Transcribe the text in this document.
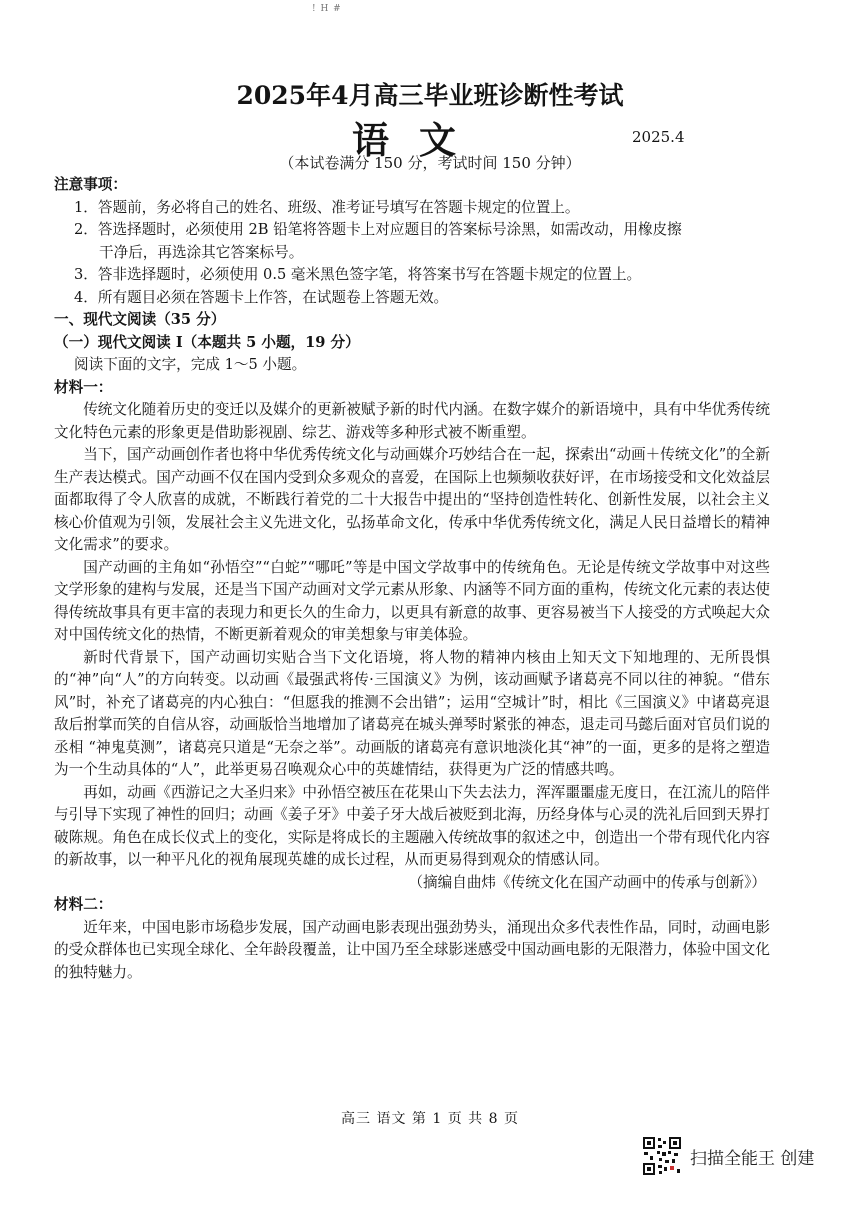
! H #
2025年4月高三毕业班诊断性考试
语文	2025.4
（本试卷满分 150 分，考试时间 150 分钟）

注意事项：

1．答题前，务必将自己的姓名、班级、准考证号填写在答题卡规定的位置上。

2．答选择题时，必须使用 2B 铅笔将答题卡上对应题目的答案标号涂黑，如需改动，用橡皮擦

干净后，再选涂其它答案标号。

3．答非选择题时，必须使用 0.5 毫米黑色签字笔，将答案书写在答题卡规定的位置上。

4．所有题目必须在答题卡上作答，在试题卷上答题无效。

一、现代文阅读（35 分）

（一）现代文阅读 I（本题共 5 小题，19 分）

阅读下面的文字，完成 1～5 小题。

材料一：

传统文化随着历史的变迁以及媒介的更新被赋予新的时代内涵。在数字媒介的新语境中，具有中华优秀传统文化特色元素的形象更是借助影视剧、综艺、游戏等多种形式被不断重塑。

当下，国产动画创作者也将中华优秀传统文化与动画媒介巧妙结合在一起，探索出“动画＋传统文化”的全新生产表达模式。国产动画不仅在国内受到众多观众的喜爱，在国际上也频频收获好评，在市场接受和文化效益层面都取得了令人欣喜的成就，不断践行着党的二十大报告中提出的“坚持创造性转化、创新性发展，以社会主义核心价值观为引领，发展社会主义先进文化，弘扬革命文化，传承中华优秀传统文化，满足人民日益增长的精神文化需求”的要求。

国产动画的主角如“孙悟空”“白蛇”“哪吒”等是中国文学故事中的传统角色。无论是传统文学故事中对这些文学形象的建构与发展，还是当下国产动画对文学元素从形象、内涵等不同方面的重构，传统文化元素的表达使得传统故事具有更丰富的表现力和更长久的生命力，以更具有新意的故事、更容易被当下人接受的方式唤起大众对中国传统文化的热情，不断更新着观众的审美想象与审美体验。

新时代背景下，国产动画切实贴合当下文化语境，将人物的精神内核由上知天文下知地理的、无所畏惧的“神”向“人”的方向转变。以动画《最强武将传·三国演义》为例，该动画赋予诸葛亮不同以往的神貌。“借东风”时，补充了诸葛亮的内心独白：“但愿我的推测不会出错”；运用“空城计”时，相比《三国演义》中诸葛亮退敌后拊掌而笑的自信从容，动画版恰当地增加了诸葛亮在城头弹琴时紧张的神态，退走司马懿后面对官员们说的丞相 “神鬼莫测”，诸葛亮只道是“无奈之举”。动画版的诸葛亮有意识地淡化其“神”的一面，更多的是将之塑造为一个生动具体的“人”，此举更易召唤观众心中的英雄情结，获得更为广泛的情感共鸣。

再如，动画《西游记之大圣归来》中孙悟空被压在花果山下失去法力，浑浑噩噩虚无度日，在江流儿的陪伴与引导下实现了神性的回归；动画《姜子牙》中姜子牙大战后被贬到北海，历经身体与心灵的洗礼后回到天界打破陈规。角色在成长仪式上的变化，实际是将成长的主题融入传统故事的叙述之中，创造出一个带有现代化内容的新故事，以一种平凡化的视角展现英雄的成长过程，从而更易得到观众的情感认同。

（摘编自曲炜《传统文化在国产动画中的传承与创新》）

材料二：

近年来，中国电影市场稳步发展，国产动画电影表现出强劲势头，涌现出众多代表性作品，同时，动画电影的受众群体也已实现全球化、全年龄段覆盖，让中国乃至全球影迷感受中国动画电影的无限潜力，体验中国文化的独特魅力。

高三 语文 第 1 页 共 8 页
扫描全能王 创建
